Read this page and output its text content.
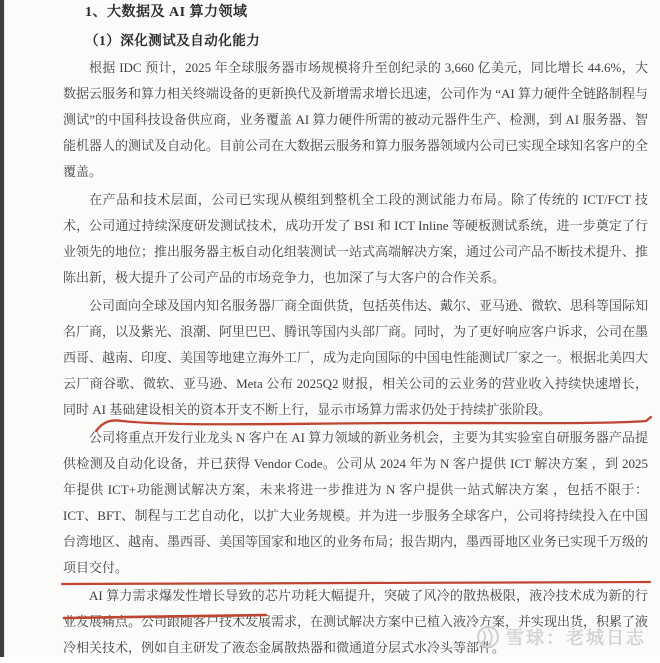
1、大数据及 AI 算力领域
（1）深化测试及自动化能力

根据 IDC 预计，2025 年全球服务器市场规模将升至创纪录的 3,660 亿美元，同比增长 44.6%，大数据云服务和算力相关终端设备的更新换代及新增需求增长迅速，公司作为 “AI 算力硬件全链路制程与测试”的中国科技设备供应商，业务覆盖 AI 算力硬件所需的被动元器件生产、检测，到 AI 服务器、智能机器人的测试及自动化。目前公司在大数据云服务和算力服务器领域内公司已实现全球知名客户的全覆盖。

在产品和技术层面，公司已实现从模组到整机全工段的测试能力布局。除了传统的 ICT/FCT 技术，公司通过持续深度研发测试技术，成功开发了 BSI 和 ICT Inline 等硬板测试系统，进一步奠定了行业领先的地位；推出服务器主板自动化组装测试一站式高端解决方案，通过公司产品不断技术提升、推陈出新，极大提升了公司产品的市场竞争力，也加深了与大客户的合作关系。

公司面向全球及国内知名服务器厂商全面供货，包括英伟达、戴尔、亚马逊、微软、思科等国际知名厂商，以及紫光、浪潮、阿里巴巴、腾讯等国内头部厂商。同时，为了更好响应客户诉求，公司在墨西哥、越南、印度、美国等地建立海外工厂，成为走向国际的中国电性能测试厂家之一。根据北美四大云厂商谷歌、微软、亚马逊、Meta 公布 2025Q2 财报，相关公司的云业务的营业收入持续快速增长，同时 AI 基础建设相关的资本开支不断上行，显示市场算力需求仍处于持续扩张阶段。

公司将重点开发行业龙头 N 客户在 AI 算力领域的新业务机会，主要为其实验室自研服务器产品提供检测及自动化设备，并已获得 Vendor Code。公司从 2024 年为 N 客户提供 ICT 解决方案 ，到 2025 年提供 ICT+功能测试解决方案，未来将进一步推进为 N 客户提供一站式解决方案 ，包括不限于：ICT、BFT、制程与工艺自动化，以扩大业务规模。并为进一步服务全球客户，公司将持续投入在中国台湾地区、越南、墨西哥、美国等国家和地区的业务布局；报告期内，墨西哥地区业务已实现千万级的项目交付。

AI 算力需求爆发性增长导致的芯片功耗大幅提升，突破了风冷的散热极限，液冷技术成为新的行业发展痛点。公司跟随客户技术发展需求，在测试解决方案中已植入液冷方案，并实现出货，积累了液冷相关技术，例如自主研发了液态金属散热器和微通道分层式水冷头等部件。 雪球：老城日志
